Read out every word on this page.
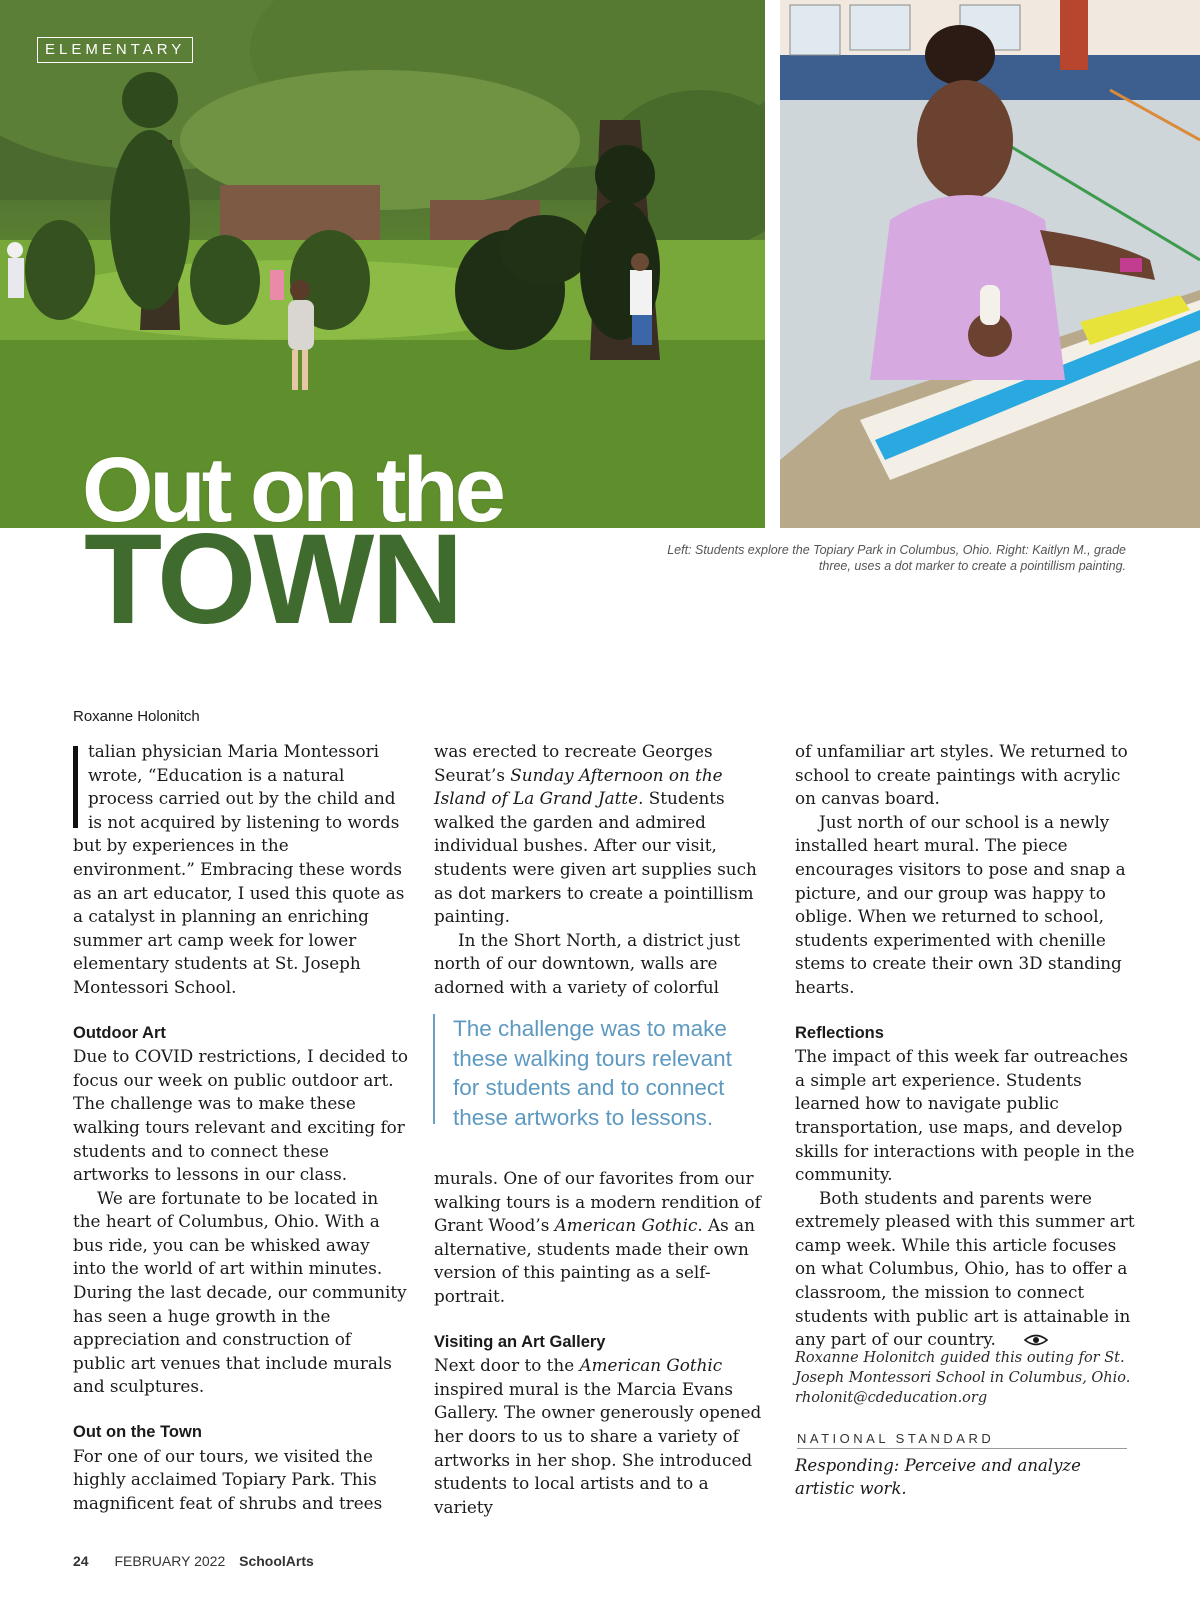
ELEMENTARY
Out on the
TOWN	Left: Students explore the Topiary Park in Columbus, Ohio. Right: Kaitlyn M., grade three, uses a dot marker to create a pointillism painting.
Roxanne Holonitch

talian physician Maria Montessori wrote, “Education is a natural process carried out by the child and is not acquired by listening to words

but by experiences in the environment.” Embracing these words as an art educator, I used this quote as a catalyst in planning an enriching summer art camp week for lower elementary students at St. Joseph Montessori School.

Outdoor Art

Due to COVID restrictions, I decided to focus our week on public outdoor art. The challenge was to make these walking tours relevant and exciting for students and to connect these artworks to lessons in our class.

We are fortunate to be located in the heart of Columbus, Ohio. With a bus ride, you can be whisked away into the world of art within minutes. During the last decade, our community has seen a huge growth in the appreciation and construction of public art venues that include murals and sculptures.

Out on the Town

For one of our tours, we visited the highly acclaimed Topiary Park. This magnificent feat of shrubs and trees

was erected to recreate Georges Seurat’s Sunday Afternoon on the Island of La Grand Jatte. Students walked the garden and admired individual bushes. After our visit, students were given art supplies such as dot markers to create a pointillism painting.

In the Short North, a district just north of our downtown, walls are adorned with a variety of colorful

The challenge was to make these walking tours relevant for students and to connect these artworks to lessons.

murals. One of our favorites from our walking tours is a modern rendition of Grant Wood’s American Gothic. As an alternative, students made their own version of this painting as a self-portrait.

Visiting an Art Gallery

Next door to the American Gothic inspired mural is the Marcia Evans Gallery. The owner generously opened her doors to us to share a variety of artworks in her shop. She introduced students to local artists and to a variety

of unfamiliar art styles. We returned to school to create paintings with acrylic on canvas board.

Just north of our school is a newly installed heart mural. The piece encourages visitors to pose and snap a picture, and our group was happy to oblige. When we returned to school, students experimented with chenille stems to create their own 3D standing hearts.

Reflections

The impact of this week far outreaches a simple art experience. Students learned how to navigate public transportation, use maps, and develop skills for interactions with people in the community.

Both students and parents were extremely pleased with this summer art camp week. While this article focuses on what Columbus, Ohio, has to offer a classroom, the mission to connect students with public art is attainable in any part of our country.

Roxanne Holonitch guided this outing for St. Joseph Montessori School in Columbus, Ohio.
rholonit@cdeducation.org
NATIONAL STANDARD
Responding: Perceive and analyze artistic work.
24 FEBRUARY 2022 SchoolArts
